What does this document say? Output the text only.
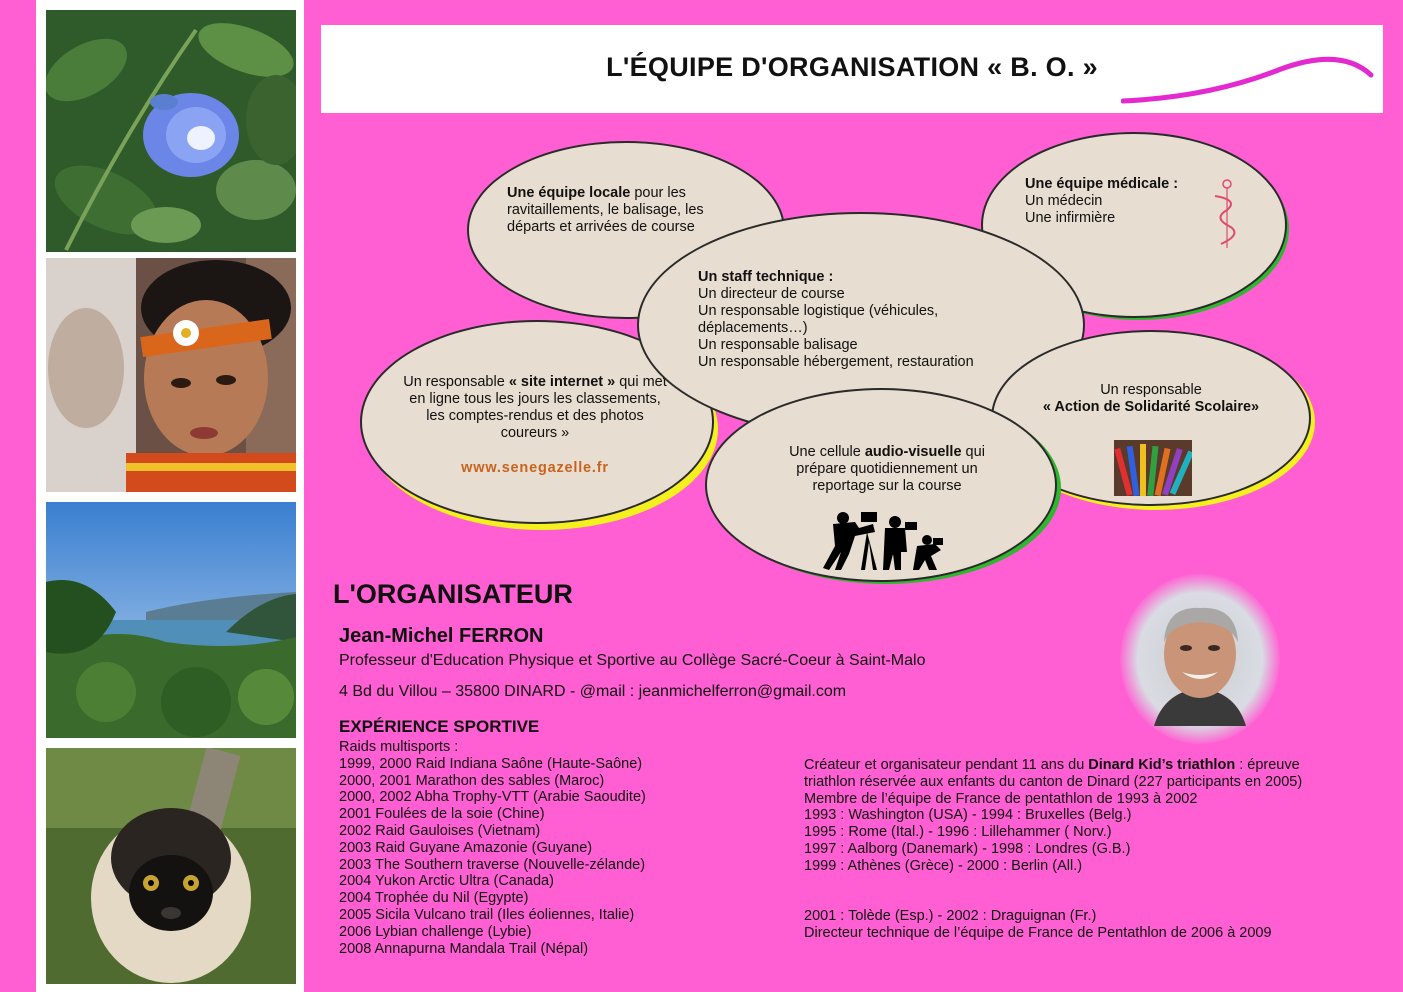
L'ÉQUIPE D'ORGANISATION « B. O. »
Une équipe locale pour les ravitaillements, le balisage, les départs et arrivées de course
Une équipe médicale :
Un médecin
Une infirmière
Un responsable « site internet » qui met en ligne tous les jours les classements, les comptes-rendus et des photos coureurs »
www.senegazelle.fr
Un staff technique :
Un directeur de course
Un responsable logistique (véhicules, déplacements…)
Un responsable balisage
Un responsable hébergement, restauration
Un responsable
« Action de Solidarité Scolaire»
Une cellule audio-visuelle qui prépare quotidiennement un reportage sur la course
L'ORGANISATEUR
Jean-Michel FERRON
Professeur d'Education Physique et Sportive au Collège Sacré-Coeur à Saint-Malo
4 Bd du Villou – 35800 DINARD - @mail : jeanmichelferron@gmail.com
EXPÉRIENCE SPORTIVE
Raids multisports :
1999, 2000 Raid Indiana Saône (Haute-Saône)
2000, 2001 Marathon des sables (Maroc)
2000, 2002 Abha Trophy-VTT (Arabie Saoudite)
2001 Foulées de la soie (Chine)
2002 Raid Gauloises (Vietnam)
2003 Raid Guyane Amazonie (Guyane)
2003 The Southern traverse (Nouvelle-zélande)
2004 Yukon Arctic Ultra (Canada)
2004 Trophée du Nil (Egypte)
2005 Sicila Vulcano trail (Iles éoliennes, Italie)
2006 Lybian challenge (Lybie)
2008 Annapurna Mandala Trail (Népal)
Créateur et organisateur pendant 11 ans du Dinard Kid’s triathlon : épreuve
triathlon réservée aux enfants du canton de Dinard (227 participants en 2005)
Membre de l’équipe de France de pentathlon de 1993 à 2002
1993 : Washington (USA) - 1994 : Bruxelles (Belg.)
1995 : Rome (Ital.) - 1996 : Lillehammer ( Norv.)
1997 : Aalborg (Danemark) - 1998 : Londres (G.B.)
1999 : Athènes (Grèce) - 2000 : Berlin (All.)
2001 : Tolède (Esp.) - 2002 : Draguignan (Fr.)
Directeur technique de l’équipe de France de Pentathlon de 2006 à 2009
